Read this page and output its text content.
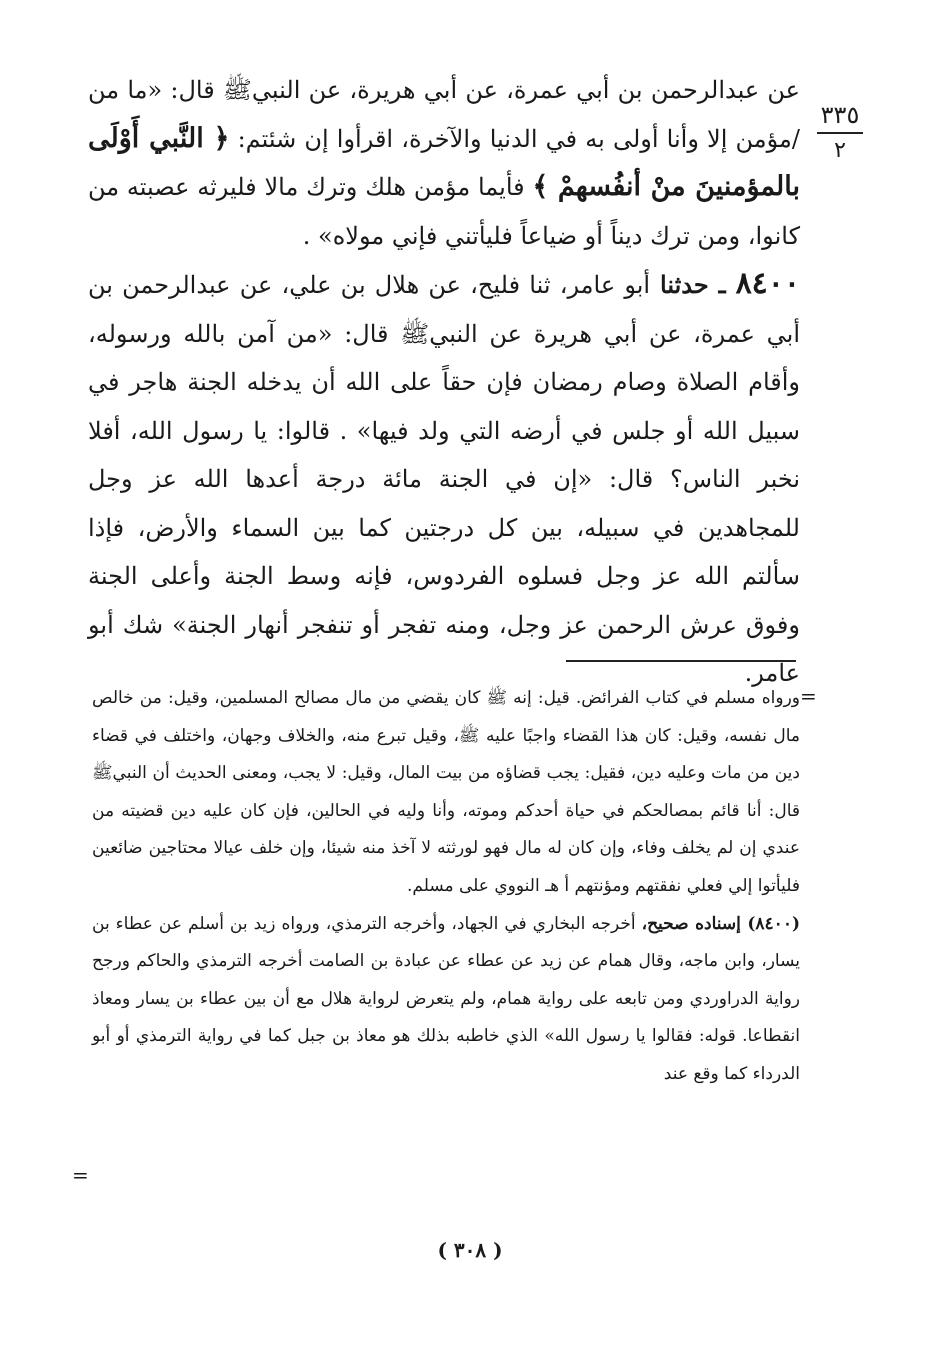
٣٣٥
٢

عن عبدالرحمن بن أبي عمرة، عن أبي هريرة، عن النبيﷺ قال: «ما من /مؤمن إلا وأنا أولى به في الدنيا والآخرة، اقرأوا إن شئتم: ﴿ النَّبي أَوْلَى بالمؤمنينَ منْ أنفُسهمْ ﴾ فأيما مؤمن هلك وترك مالا فليرثه عصبته من كانوا، ومن ترك ديناً أو ضياعاً فليأتني فإني مولاه» .

٨٤٠٠ ـ حدثنا أبو عامر، ثنا فليح، عن هلال بن علي، عن عبدالرحمن بن أبي عمرة، عن أبي هريرة عن النبيﷺ قال: «من آمن بالله ورسوله، وأقام الصلاة وصام رمضان فإن حقاً على الله أن يدخله الجنة هاجر في سبيل الله أو جلس في أرضه التي ولد فيها» . قالوا: يا رسول الله، أفلا نخبر الناس؟ قال: «إن في الجنة مائة درجة أعدها الله عز وجل للمجاهدين في سبيله، بين كل درجتين كما بين السماء والأرض، فإذا سألتم الله عز وجل فسلوه الفردوس، فإنه وسط الجنة وأعلى الجنة وفوق عرش الرحمن عز وجل، ومنه تفجر أو تنفجر أنهار الجنة» شك أبو عامر.

=

ورواه مسلم في كتاب الفرائض. قيل: إنه ﷺ كان يقضي من مال مصالح المسلمين، وقيل: من خالص مال نفسه، وقيل: كان هذا القضاء واجبًا عليه ﷺ، وقيل تبرع منه، والخلاف وجهان، واختلف في قضاء دين من مات وعليه دين، فقيل: يجب قضاؤه من بيت المال، وقيل: لا يجب، ومعنى الحديث أن النبيﷺ قال: أنا قائم بمصالحكم في حياة أحدكم وموته، وأنا وليه في الحالين، فإن كان عليه دين قضيته من عندي إن لم يخلف وفاء، وإن كان له مال فهو لورثته لا آخذ منه شيئا، وإن خلف عيالا محتاجين ضائعين فليأتوا إلي فعلي نفقتهم ومؤنتهم أ هـ النووي على مسلم.

(٨٤٠٠) إسناده صحيح، أخرجه البخاري في الجهاد، وأخرجه الترمذي، ورواه زيد بن أسلم عن عطاء بن يسار، وابن ماجه، وقال همام عن زيد عن عطاء عن عبادة بن الصامت أخرجه الترمذي والحاكم ورجح رواية الدراوردي ومن تابعه على رواية همام، ولم يتعرض لرواية هلال مع أن بين عطاء بن يسار ومعاذ انقطاعا. قوله: فقالوا يا رسول الله» الذي خاطبه بذلك هو معاذ بن جبل كما في رواية الترمذي أو أبو الدرداء كما وقع عند

=
( ٣٠٨ )
